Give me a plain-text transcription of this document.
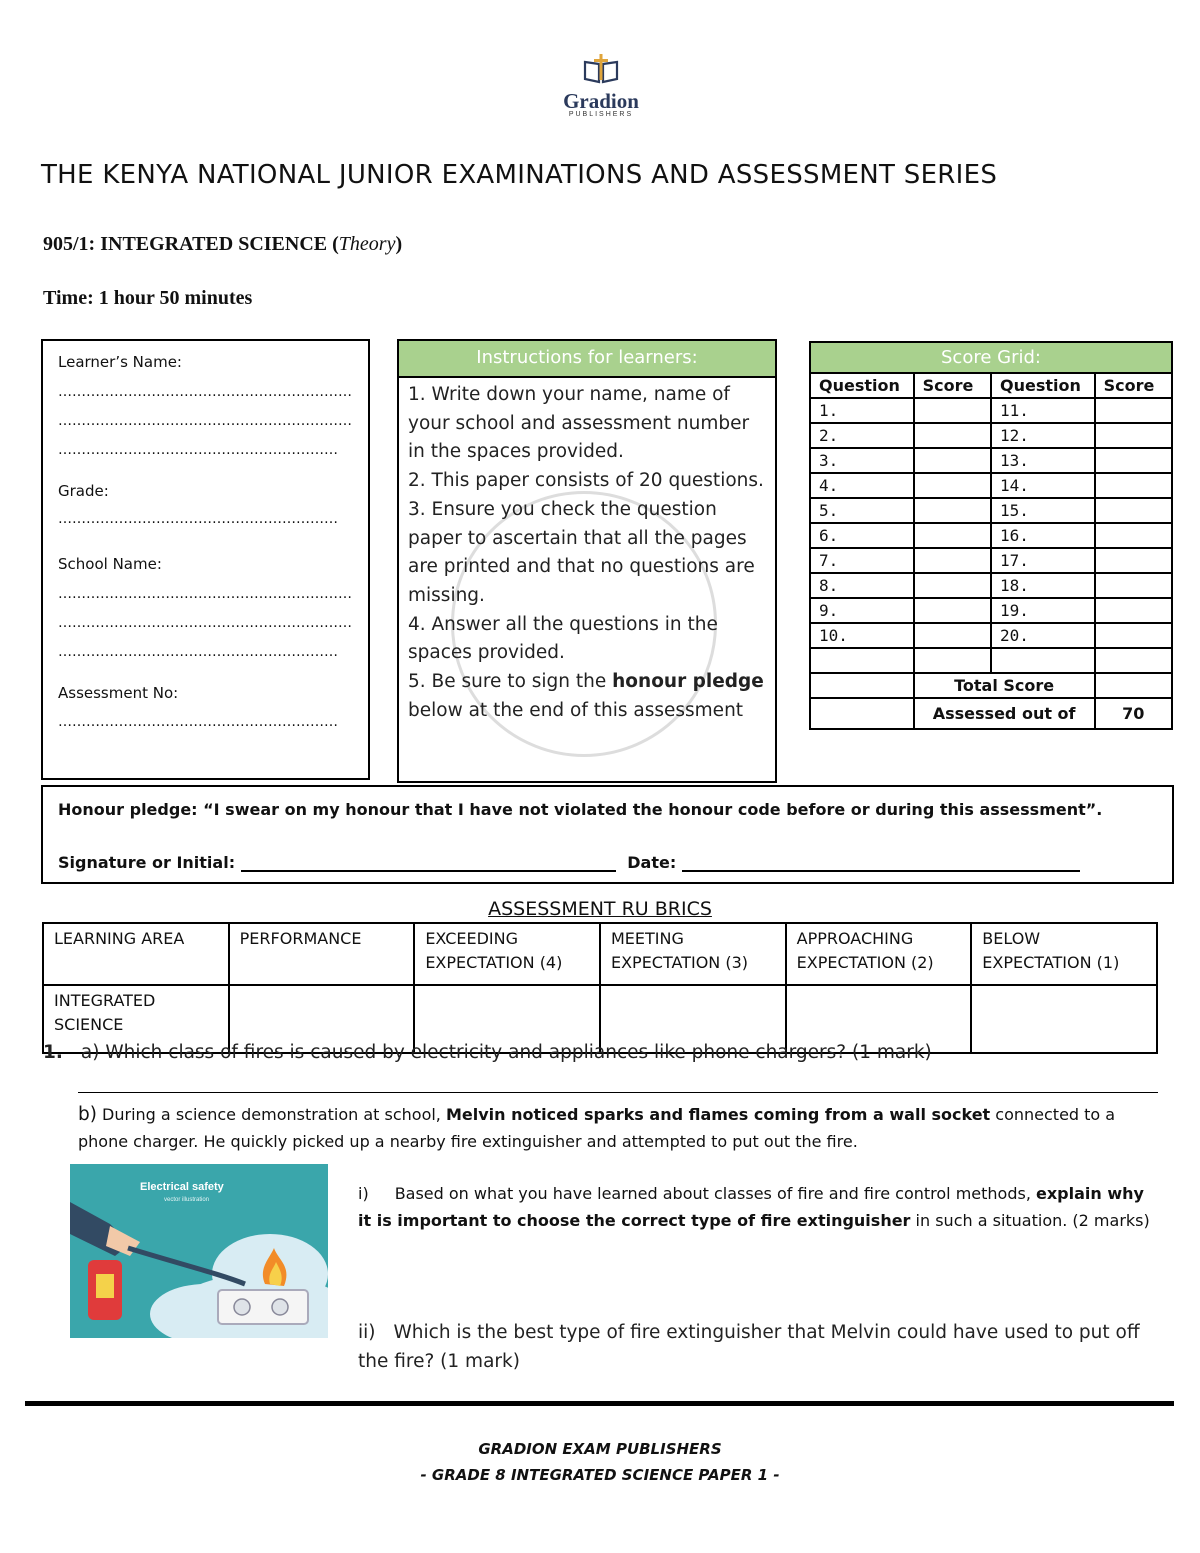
Gradion
PUBLISHERS
THE KENYA NATIONAL JUNIOR EXAMINATIONS AND ASSESSMENT SERIES
905/1: INTEGRATED SCIENCE (Theory)
Time: 1 hour 50 minutes
Learner’s Name:
………………………………………………………
………………………………………………………
……………………………………………………
Grade:
……………………………………………………
School Name:
………………………………………………………
………………………………………………………
……………………………………………………
Assessment No:
……………………………………………………
Instructions for learners:

1. Write down your name, name of your school and assessment number in the spaces provided.

2. This paper consists of 20 questions.

3. Ensure you check the question paper to ascertain that all the pages are printed and that no questions are missing.

4. Answer all the questions in the spaces provided.

5. Be sure to sign the honour pledge below at the end of this assessment

Score Grid:			
Question	Score	Question	Score
1.		11.	
2.		12.	
3.		13.	
4.		14.	
5.		15.	
6.		16.	
7.		17.	
8.		18.	
9.		19.	
10.		20.	

	Total Score		
	Assessed out of		70
Honour pledge: “I swear on my honour that I have not violated the honour code before or during this assessment”.
Signature or Initial:	Date:
ASSESSMENT RU BRICS
LEARNING AREA	PERFORMANCE	EXCEEDING EXPECTATION (4)	MEETING EXPECTATION (3)	APPROACHING EXPECTATION (2)	BELOW EXPECTATION (1)
INTEGRATED SCIENCE					
1. a) Which class of fires is caused by electricity and appliances like phone chargers? (1 mark)
b) During a science demonstration at school, Melvin noticed sparks and flames coming from a wall socket connected to a phone charger. He quickly picked up a nearby fire extinguisher and attempted to put out the fire.
Electrical safety
vector illustration	i) Based on what you have learned about classes of fire and fire control methods, explain why it is important to choose the correct type of fire extinguisher in such a situation. (2 marks)
ii) Which is the best type of fire extinguisher that Melvin could have used to put off the fire? (1 mark)
GRADION EXAM PUBLISHERS
- GRADE 8 INTEGRATED SCIENCE PAPER 1 -
